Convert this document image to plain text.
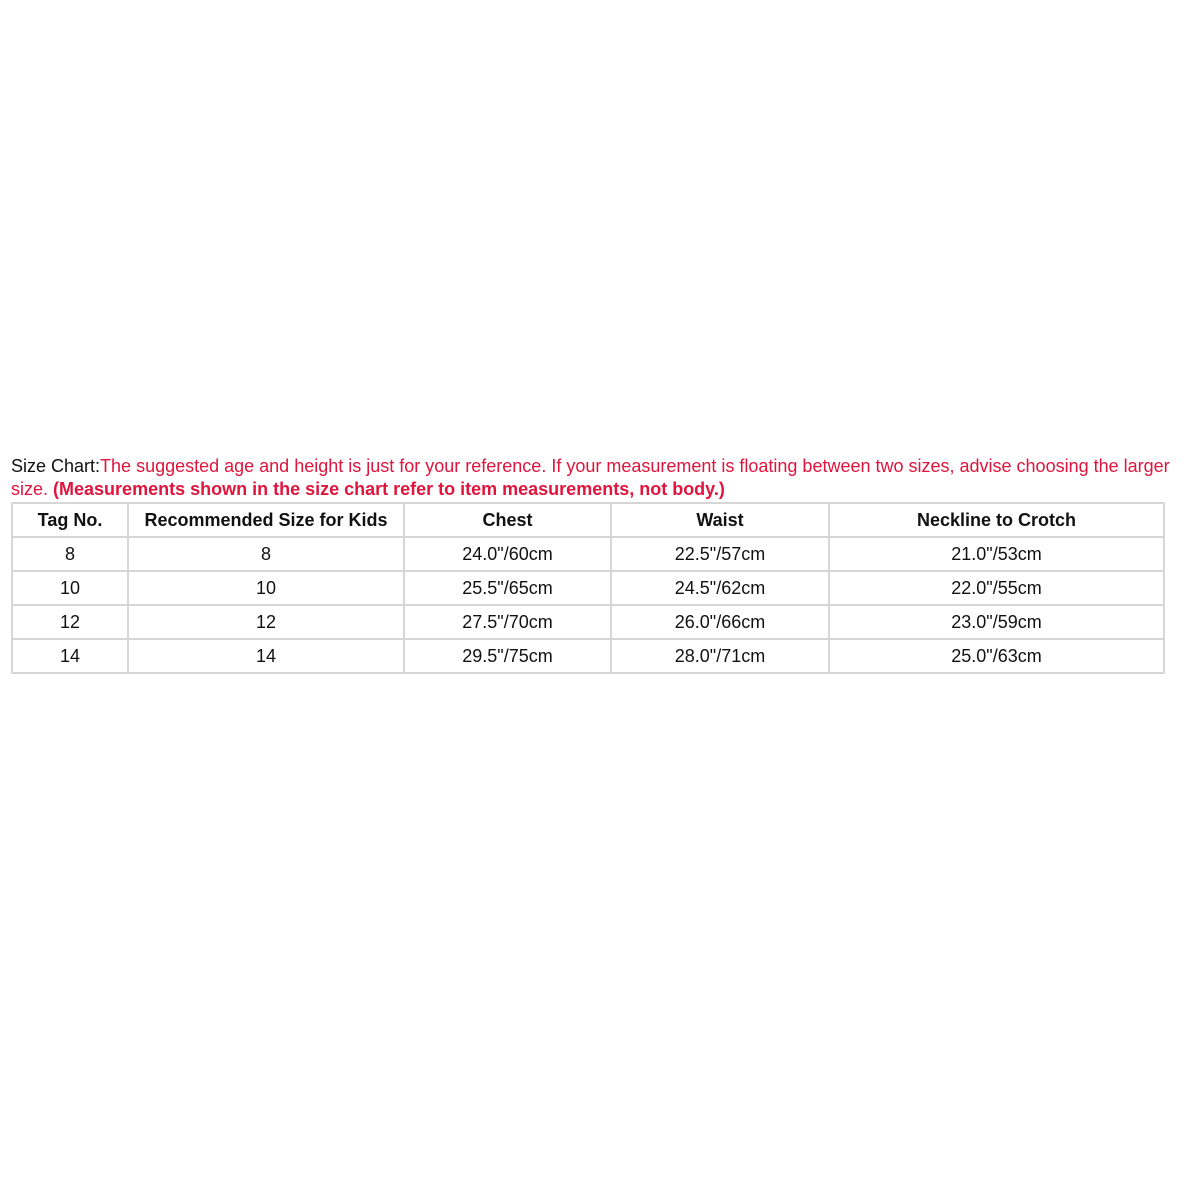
Size Chart:The suggested age and height is just for your reference. If your measurement is floating between two sizes, advise choosing the larger size. (Measurements shown in the size chart refer to item measurements, not body.)

Tag No.	Recommended Size for Kids	Chest	Waist	Neckline to Crotch
8	8	24.0"/60cm	22.5"/57cm	21.0"/53cm
10	10	25.5"/65cm	24.5"/62cm	22.0"/55cm
12	12	27.5"/70cm	26.0"/66cm	23.0"/59cm
14	14	29.5"/75cm	28.0"/71cm	25.0"/63cm
